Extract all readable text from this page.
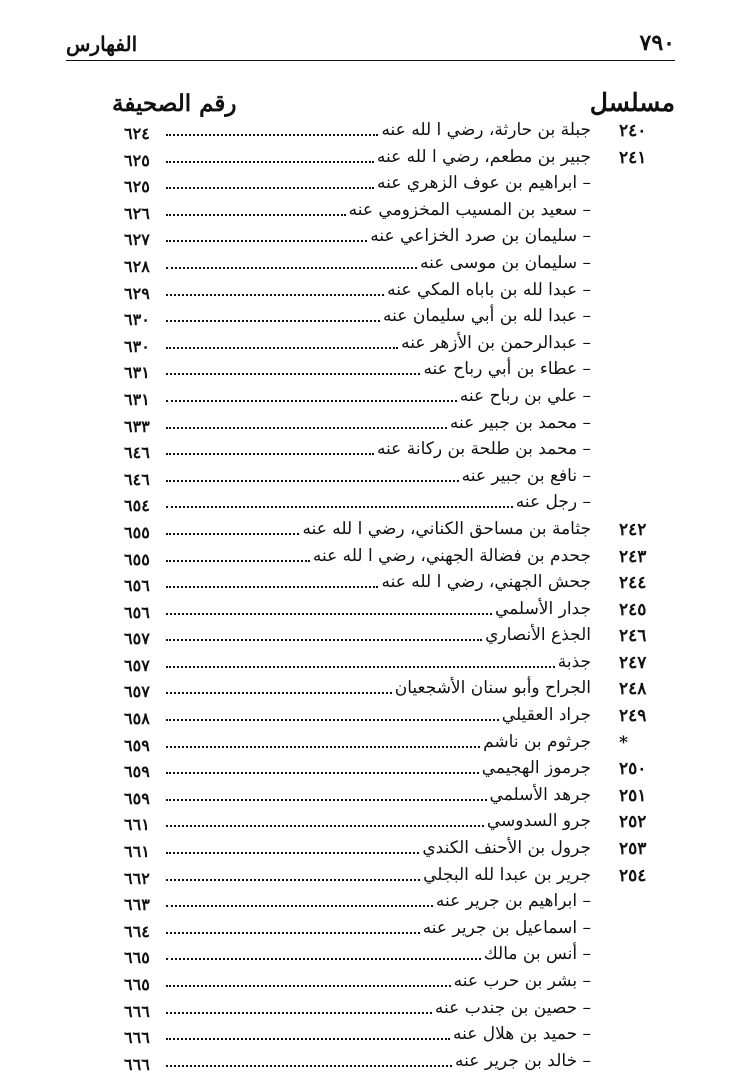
٧٩٠
الفهارس
مسلسل
رقم الصحيفة
٢٤٠
جبلة بن حارثة، رضي ا لله عنه
٦٢٤
٢٤١
جبير بن مطعم، رضي ا لله عنه
٦٢٥
– ابراهيم بن عوف الزهري عنه
٦٢٥
– سعيد بن المسيب المخزومي عنه
٦٢٦
– سليمان بن صرد الخزاعي عنه
٦٢٧
– سليمان بن موسى عنه
٦٢٨
– عبدا لله بن باباه المكي عنه
٦٢٩
– عبدا لله بن أبي سليمان عنه
٦٣٠
– عبدالرحمن بن الأزهر عنه
٦٣٠
– عطاء بن أبي رباح عنه
٦٣١
– علي بن رباح عنه
٦٣١
– محمد بن جبير عنه
٦٣٣
– محمد بن طلحة بن ركانة عنه
٦٤٦
– نافع بن جبير عنه
٦٤٦
– رجل عنه
٦٥٤
٢٤٢
جثامة بن مساحق الكناني، رضي ا لله عنه
٦٥٥
٢٤٣
جحدم بن فضالة الجهني، رضي ا لله عنه
٦٥٥
٢٤٤
جحش الجهني، رضي ا لله عنه
٦٥٦
٢٤٥
جدار الأسلمي
٦٥٦
٢٤٦
الجذع الأنصاري
٦٥٧
٢٤٧
جذبة
٦٥٧
٢٤٨
الجراح وأبو سنان الأشجعيان
٦٥٧
٢٤٩
جراد العقيلي
٦٥٨
*
جرثوم بن ناشم
٦٥٩
٢٥٠
جرموز الهجيمي
٦٥٩
٢٥١
جرهد الأسلمي
٦٥٩
٢٥٢
جرو السدوسي
٦٦١
٢٥٣
جرول بن الأحنف الكندي
٦٦١
٢٥٤
جرير بن عبدا لله البجلي
٦٦٢
– ابراهيم بن جرير عنه
٦٦٣
– اسماعيل بن جرير عنه
٦٦٤
– أنس بن مالك
٦٦٥
– بشر بن حرب عنه
٦٦٥
– حصين بن جندب عنه
٦٦٦
– حميد بن هلال عنه
٦٦٦
– خالد بن جرير عنه
٦٦٦
